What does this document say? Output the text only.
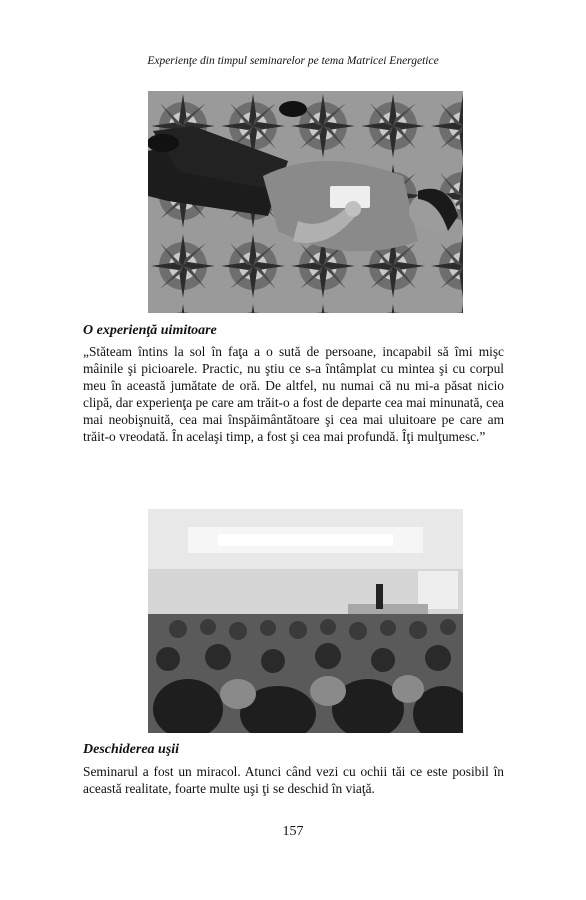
Experienţe din timpul seminarelor pe tema Matricei Energetice
O experienţă uimitoare

„Stăteam întins la sol în faţa a o sută de persoane, incapabil să îmi mişc mâinile şi picioarele. Practic, nu ştiu ce s-a întâmplat cu mintea şi cu corpul meu în această jumătate de oră. De altfel, nu numai că nu mi-a păsat nicio clipă, dar experienţa pe care am trăit-o a fost de departe cea mai minunată, cea mai neobişnuită, cea mai înspăimântătoare şi cea mai uluitoare pe care am trăit-o vreodată. În acelaşi timp, a fost şi cea mai profundă. Îţi mulţumesc.”

Deschiderea uşii

Seminarul a fost un miracol. Atunci când vezi cu ochii tăi ce este posibil în această realitate, foarte multe uşi ţi se deschid în viaţă.

157
